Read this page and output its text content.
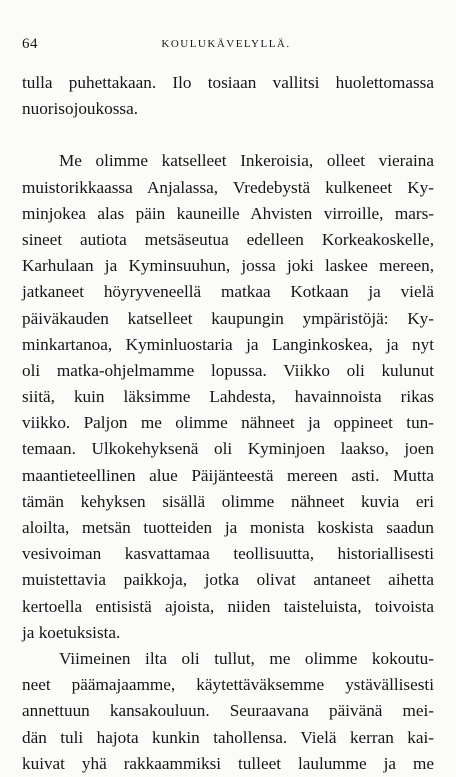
64	KOULUKÄVELYLLÄ.
tulla puhettakaan. Ilo tosiaan vallitsi huolettomassa
nuorisojoukossa.
Me olimme katselleet Inkeroisia, olleet vieraina
muistorikkaassa Anjalassa, Vredebystä kulkeneet Ky-
minjokea alas päin kauneille Ahvisten virroille, mars-
sineet autiota metsäseutua edelleen Korkeakoskelle,
Karhulaan ja Kyminsuuhun, jossa joki laskee mereen,
jatkaneet höyryveneellä matkaa Kotkaan ja vielä
päiväkauden katselleet kaupungin ympäristöjä: Ky-
minkartanoa, Kyminluostaria ja Langinkoskea, ja nyt
oli matka-ohjelmamme lopussa. Viikko oli kulunut
siitä, kuin läksimme Lahdesta, havainnoista rikas
viikko. Paljon me olimme nähneet ja oppineet tun-
temaan. Ulkokehyksenä oli Kyminjoen laakso, joen
maantieteellinen alue Päijänteestä mereen asti. Mutta
tämän kehyksen sisällä olimme nähneet kuvia eri
aloilta, metsän tuotteiden ja monista koskista saadun
vesivoiman kasvattamaa teollisuutta, historiallisesti
muistettavia paikkoja, jotka olivat antaneet aihetta
kertoella entisistä ajoista, niiden taisteluista, toivoista
ja koetuksista.
Viimeinen ilta oli tullut, me olimme kokoutu-
neet päämajaamme, käytettäväksemme ystävällisesti
annettuun kansakouluun. Seuraavana päivänä mei-
dän tuli hajota kunkin tahollensa. Vielä kerran kai-
kuivat yhä rakkaammiksi tulleet laulumme ja me
